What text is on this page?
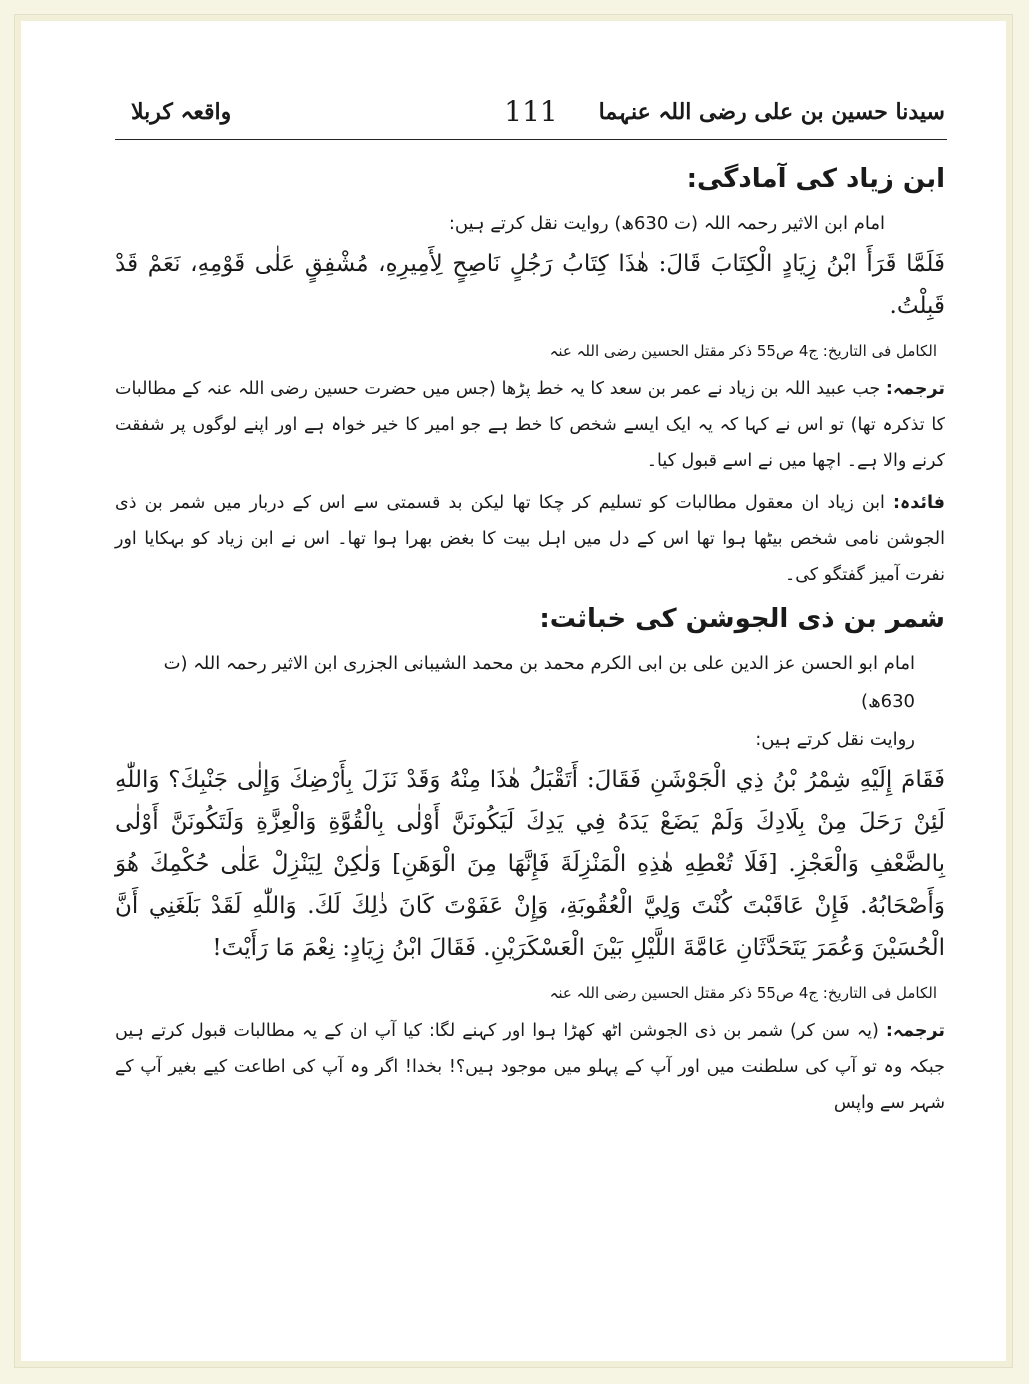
سیدنا حسین بن علی رضی اللہ عنہما
111
واقعہ کربلا

ابن زیاد کی آمادگی:

امام ابن الاثیر رحمہ اللہ (ت 630ھ) روایت نقل کرتے ہیں:

فَلَمَّا قَرَأَ ابْنُ زِيَادٍ الْكِتَابَ قَالَ: هٰذَا كِتَابُ رَجُلٍ نَاصِحٍ لِأَمِيرِهِ، مُشْفِقٍ عَلٰى قَوْمِهِ، نَعَمْ قَدْ قَبِلْتُ.

الکامل فی التاریخ: ج4 ص55 ذکر مقتل الحسین رضی اللہ عنہ

ترجمہ: جب عبید اللہ بن زیاد نے عمر بن سعد کا یہ خط پڑھا (جس میں حضرت حسین رضی اللہ عنہ کے مطالبات کا تذکرہ تھا) تو اس نے کہا کہ یہ ایک ایسے شخص کا خط ہے جو امیر کا خیر خواہ ہے اور اپنے لوگوں پر شفقت کرنے والا ہے۔ اچھا میں نے اسے قبول کیا۔

فائدہ: ابن زیاد ان معقول مطالبات کو تسلیم کر چکا تھا لیکن بد قسمتی سے اس کے دربار میں شمر بن ذی الجوشن نامی شخص بیٹھا ہوا تھا اس کے دل میں اہل بیت کا بغض بھرا ہوا تھا۔ اس نے ابن زیاد کو بہکایا اور نفرت آمیز گفتگو کی۔

شمر بن ذی الجوشن کی خباثت:

امام ابو الحسن عز الدین علی بن ابی الکرم محمد بن محمد الشیبانی الجزری ابن الاثیر رحمہ اللہ (ت 630ھ)

روایت نقل کرتے ہیں:

فَقَامَ إِلَيْهِ شِمْرُ بْنُ ذِي الْجَوْشَنِ فَقَالَ: أَتَقْبَلُ هٰذَا مِنْهُ وَقَدْ نَزَلَ بِأَرْضِكَ وَإِلٰى جَنْبِكَ؟ وَاللّٰهِ لَئِنْ رَحَلَ مِنْ بِلَادِكَ وَلَمْ يَضَعْ يَدَهُ فِي يَدِكَ لَيَكُونَنَّ أَوْلٰى بِالْقُوَّةِ وَالْعِزَّةِ وَلَتَكُونَنَّ أَوْلٰى بِالضَّعْفِ وَالْعَجْزِ. [فَلَا تُعْطِهِ هٰذِهِ الْمَنْزِلَةَ فَإِنَّهَا مِنَ الْوَهَنِ] وَلٰكِنْ لِيَنْزِلْ عَلٰى حُكْمِكَ هُوَ وَأَصْحَابُهُ. فَإِنْ عَاقَبْتَ كُنْتَ وَلِيَّ الْعُقُوبَةِ، وَإِنْ عَفَوْتَ كَانَ ذٰلِكَ لَكَ. وَاللّٰهِ لَقَدْ بَلَغَنِي أَنَّ الْحُسَيْنَ وَعُمَرَ يَتَحَدَّثَانِ عَامَّةَ اللَّيْلِ بَيْنَ الْعَسْكَرَيْنِ. فَقَالَ ابْنُ زِيَادٍ: نِعْمَ مَا رَأَيْتَ!

الکامل فی التاریخ: ج4 ص55 ذکر مقتل الحسین رضی اللہ عنہ

ترجمہ: (یہ سن کر) شمر بن ذی الجوشن اٹھ کھڑا ہوا اور کہنے لگا: کیا آپ ان کے یہ مطالبات قبول کرتے ہیں جبکہ وہ تو آپ کی سلطنت میں اور آپ کے پہلو میں موجود ہیں؟! بخدا! اگر وہ آپ کی اطاعت کیے بغیر آپ کے شہر سے واپس
